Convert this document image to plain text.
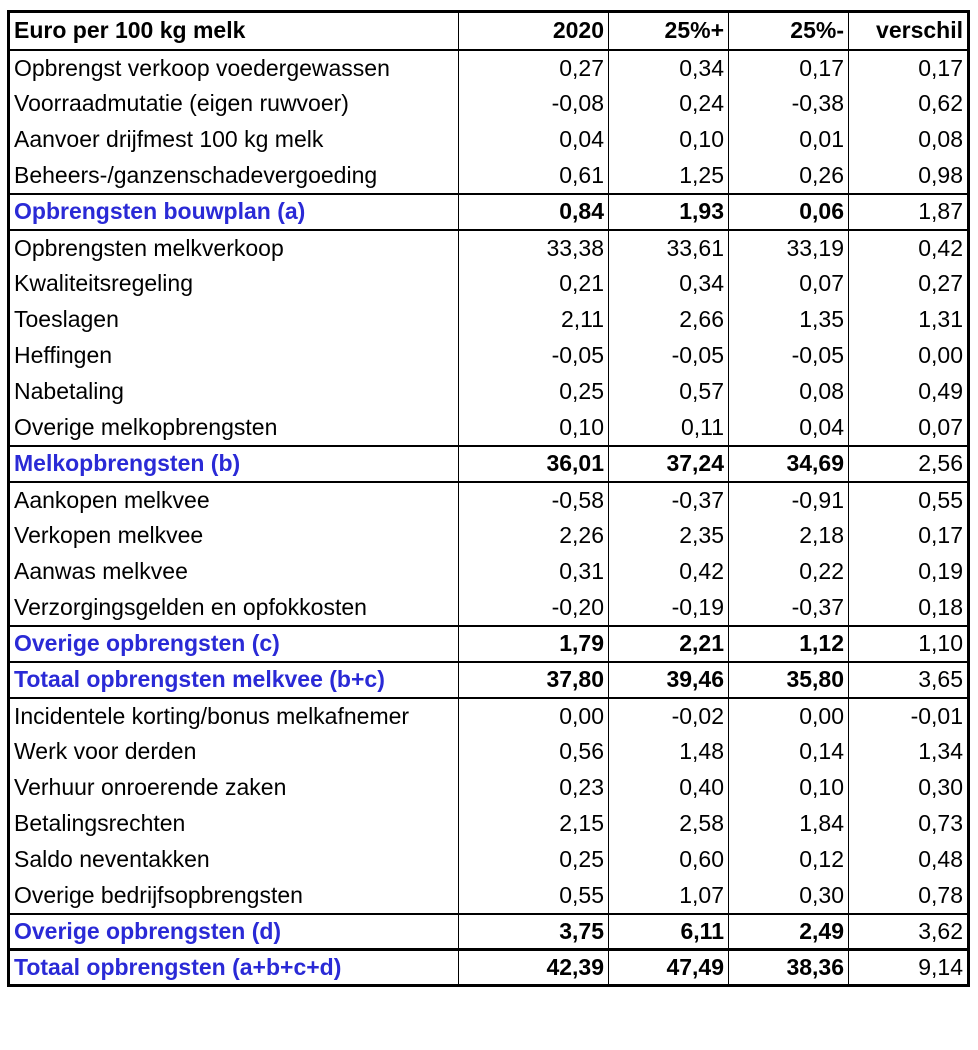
Euro per 100 kg melk	2020	25%+	25%-	verschil
Opbrengst verkoop voedergewassen	0,27	0,34	0,17	0,17
Voorraadmutatie (eigen ruwvoer)	-0,08	0,24	-0,38	0,62
Aanvoer drijfmest 100 kg melk	0,04	0,10	0,01	0,08
Beheers-/ganzenschadevergoeding	0,61	1,25	0,26	0,98
Opbrengsten bouwplan (a)	0,84	1,93	0,06	1,87
Opbrengsten melkverkoop	33,38	33,61	33,19	0,42
Kwaliteitsregeling	0,21	0,34	0,07	0,27
Toeslagen	2,11	2,66	1,35	1,31
Heffingen	-0,05	-0,05	-0,05	0,00
Nabetaling	0,25	0,57	0,08	0,49
Overige melkopbrengsten	0,10	0,11	0,04	0,07
Melkopbrengsten (b)	36,01	37,24	34,69	2,56
Aankopen melkvee	-0,58	-0,37	-0,91	0,55
Verkopen melkvee	2,26	2,35	2,18	0,17
Aanwas melkvee	0,31	0,42	0,22	0,19
Verzorgingsgelden en opfokkosten	-0,20	-0,19	-0,37	0,18
Overige opbrengsten (c)	1,79	2,21	1,12	1,10
Totaal opbrengsten melkvee (b+c)	37,80	39,46	35,80	3,65
Incidentele korting/bonus melkafnemer	0,00	-0,02	0,00	-0,01
Werk voor derden	0,56	1,48	0,14	1,34
Verhuur onroerende zaken	0,23	0,40	0,10	0,30
Betalingsrechten	2,15	2,58	1,84	0,73
Saldo neventakken	0,25	0,60	0,12	0,48
Overige bedrijfsopbrengsten	0,55	1,07	0,30	0,78
Overige opbrengsten (d)	3,75	6,11	2,49	3,62
Totaal opbrengsten (a+b+c+d)	42,39	47,49	38,36	9,14
